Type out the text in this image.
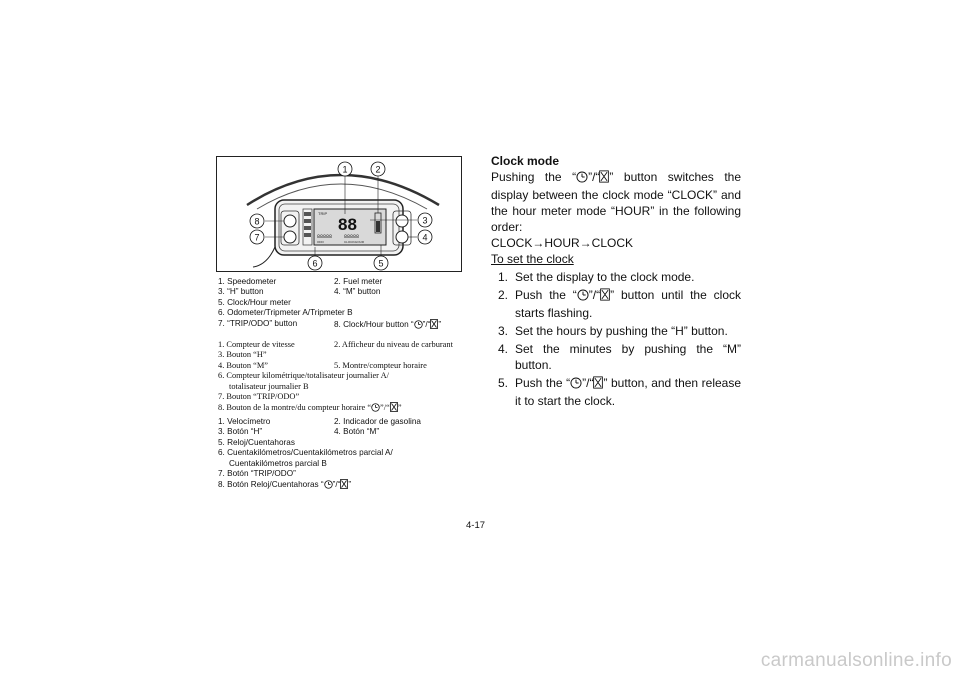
TRIP
88
88888 88888
ODO	CLOCK/HOUR
1	2
3
4
5
6
7
8
1. Speedometer	2. Fuel meter
3. “H” button	4. “M” button
5. Clock/Hour meter
6. Odometer/Tripmeter A/Tripmeter B
7. “TRIP/ODO” button	8. Clock/Hour button “ ”/“ ”
1. Compteur de vitesse	2. Afficheur du niveau de carburant
3. Bouton “H”
4. Bouton “M”	5. Montre/compteur horaire
6. Compteur kilométrique/totalisateur journalier A/
totalisateur journalier B
7. Bouton “TRIP/ODO”
8. Bouton de la montre/du compteur horaire “ ”/“ ”
1. Velocímetro	2. Indicador de gasolina
3. Botón “H”	4. Botón “M”
5. Reloj/Cuentahoras
6. Cuentakilómetros/Cuentakilómetros parcial A/
Cuentakilómetros parcial B
7. Botón “TRIP/ODO”
8. Botón Reloj/Cuentahoras “ ”/“ ”

Clock mode

Pushing the “ ”/“ ” button switches the display between the clock mode “CLOCK” and the hour meter mode “HOUR” in the following order:

CLOCK→HOUR→CLOCK

To set the clock

1. Set the display to the clock mode.
2. Push the “ ”/“ ” button until the clock starts flashing.
3. Set the hours by pushing the “H” button.
4. Set the minutes by pushing the “M” button.
5. Push the “ ”/“ ” button, and then release it to start the clock.
4-17
carmanualsonline.info
